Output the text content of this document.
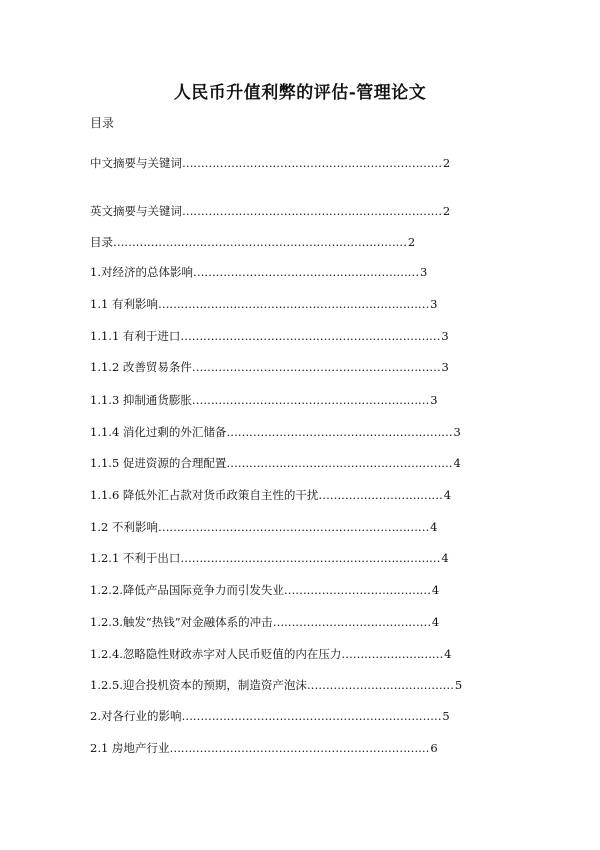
人民币升值利弊的评估-管理论文
目录
中文摘要与关键词……………………………………………………………2
英文摘要与关键词……………………………………………………………2
目录……………………………………………………………………2
1.对经济的总体影响……………………………………………………3
1.1 有利影响………………………………………………………………3
1.1.1 有利于进口……………………………………………………………3
1.1.2 改善贸易条件…………………………………………………………3
1.1.3 抑制通货膨胀………………………………………………………3
1.1.4 消化过剩的外汇储备……………………………………………………3
1.1.5 促进资源的合理配置……………………………………………………4
1.1.6 降低外汇占款对货币政策自主性的干扰……………………………4
1.2 不利影响………………………………………………………………4
1.2.1 不利于出口……………………………………………………………4
1.2.2.降低产品国际竞争力而引发失业…………………………………4
1.2.3.触发“热钱”对金融体系的冲击……………………………………4
1.2.4.忽略隐性财政赤字对人民币贬值的内在压力………………………4
1.2.5.迎合投机资本的预期，制造资产泡沫…………………………………5
2.对各行业的影响……………………………………………………………5
2.1 房地产行业……………………………………………………………6
